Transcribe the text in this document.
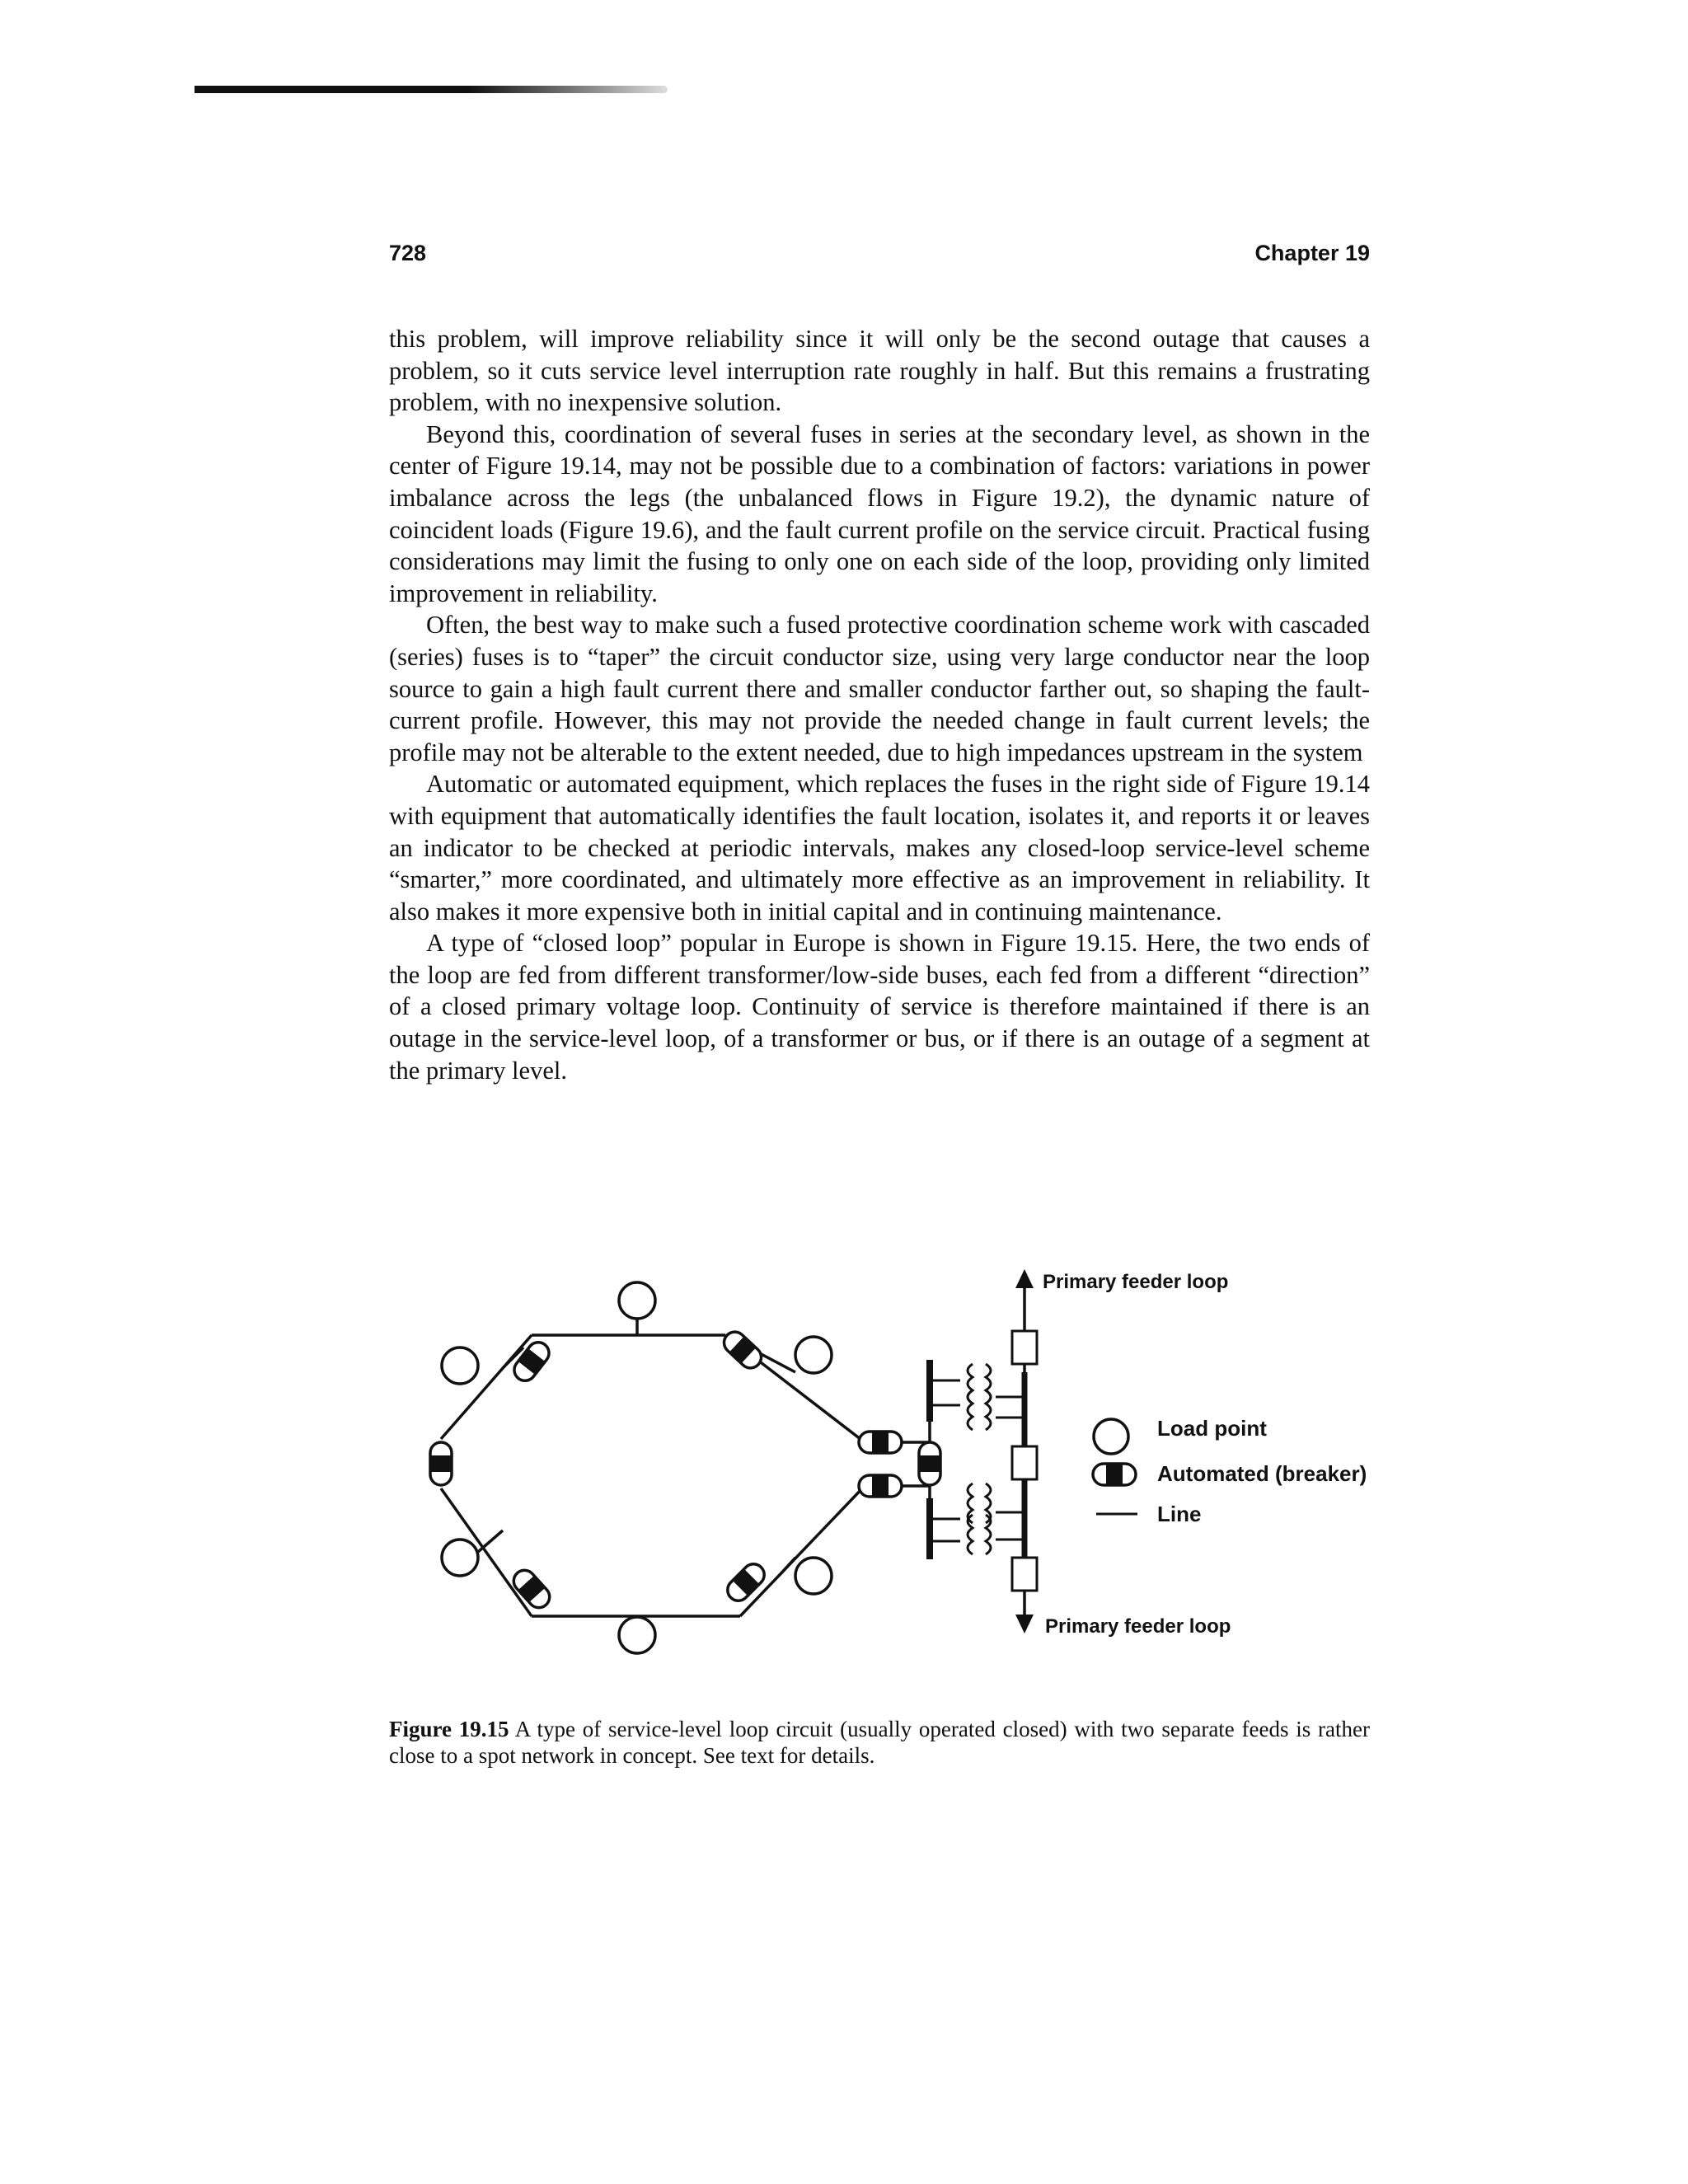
728	Chapter 19

this problem, will improve reliability since it will only be the second outage that causes a problem, so it cuts service level interruption rate roughly in half. But this remains a frustrating problem, with no inexpensive solution.

Beyond this, coordination of several fuses in series at the secondary level, as shown in the center of Figure 19.14, may not be possible due to a combination of factors: variations in power imbalance across the legs (the unbalanced flows in Figure 19.2), the dynamic nature of coincident loads (Figure 19.6), and the fault current profile on the service circuit. Practical fusing considerations may limit the fusing to only one on each side of the loop, providing only limited improvement in reliability.

Often, the best way to make such a fused protective coordination scheme work with cascaded (series) fuses is to “taper” the circuit conductor size, using very large conductor near the loop source to gain a high fault current there and smaller conductor farther out, so shaping the fault-current profile. However, this may not provide the needed change in fault current levels; the profile may not be alterable to the extent needed, due to high impedances upstream in the system

Automatic or automated equipment, which replaces the fuses in the right side of Figure 19.14 with equipment that automatically identifies the fault location, isolates it, and reports it or leaves an indicator to be checked at periodic intervals, makes any closed-loop service-level scheme “smarter,” more coordinated, and ultimately more effective as an improvement in reliability. It also makes it more expensive both in initial capital and in continuing maintenance.

A type of “closed loop” popular in Europe is shown in Figure 19.15. Here, the two ends of the loop are fed from different transformer/low-side buses, each fed from a different “direction” of a closed primary voltage loop. Continuity of service is therefore maintained if there is an outage in the service-level loop, of a transformer or bus, or if there is an outage of a segment at the primary level.

Primary feeder loop
Primary feeder loop
Load point
Automated (breaker)
Line
Figure 19.15 A type of service-level loop circuit (usually operated closed) with two separate feeds is rather close to a spot network in concept. See text for details.
